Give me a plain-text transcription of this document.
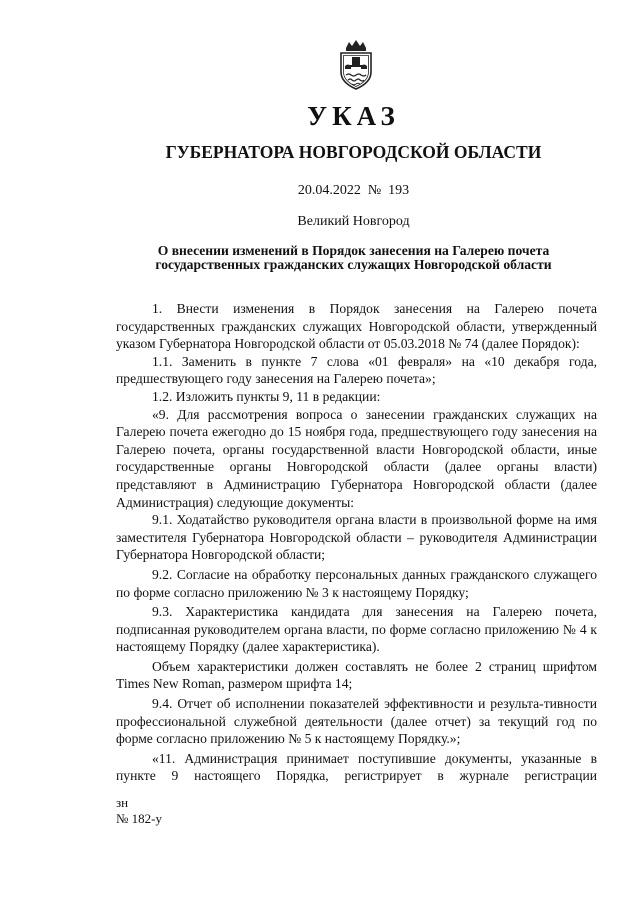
УКАЗ
ГУБЕРНАТОРА НОВГОРОДСКОЙ ОБЛАСТИ
20.04.2022 № 193
Великий Новгород
О внесении изменений в Порядок занесения на Галерею почета
государственных гражданских служащих Новгородской области

1. Внести изменения в Порядок занесения на Галерею почета государственных гражданских служащих Новгородской области, утвержденный указом Губернатора Новгородской области от 05.03.2018 № 74 (далее Порядок):

1.1. Заменить в пункте 7 слова «01 февраля» на «10 декабря года, предшествующего году занесения на Галерею почета»;

1.2. Изложить пункты 9, 11 в редакции:

«9. Для рассмотрения вопроса о занесении гражданских служащих на Галерею почета ежегодно до 15 ноября года, предшествующего году занесения на Галерею почета, органы государственной власти Новгородской области, иные государственные органы Новгородской области (далее органы власти) представляют в Администрацию Губернатора Новгородской области (далее Администрация) следующие документы:

9.1. Ходатайство руководителя органа власти в произвольной форме на имя заместителя Губернатора Новгородской области – руководителя Администрации Губернатора Новгородской области;

9.2. Согласие на обработку персональных данных гражданского служащего по форме согласно приложению № 3 к настоящему Порядку;

9.3. Характеристика кандидата для занесения на Галерею почета, подписанная руководителем органа власти, по форме согласно приложению № 4 к настоящему Порядку (далее характеристика).

Объем характеристики должен составлять не более 2 страниц шрифтом Times New Roman, размером шрифта 14;

9.4. Отчет об исполнении показателей эффективности и результа-тивности профессиональной служебной деятельности (далее отчет) за текущий год по форме согласно приложению № 5 к настоящему Порядку.»;

«11. Администрация принимает поступившие документы, указанные в пункте 9 настоящего Порядка, регистрирует в журнале регистрации

зн
№ 182-у
